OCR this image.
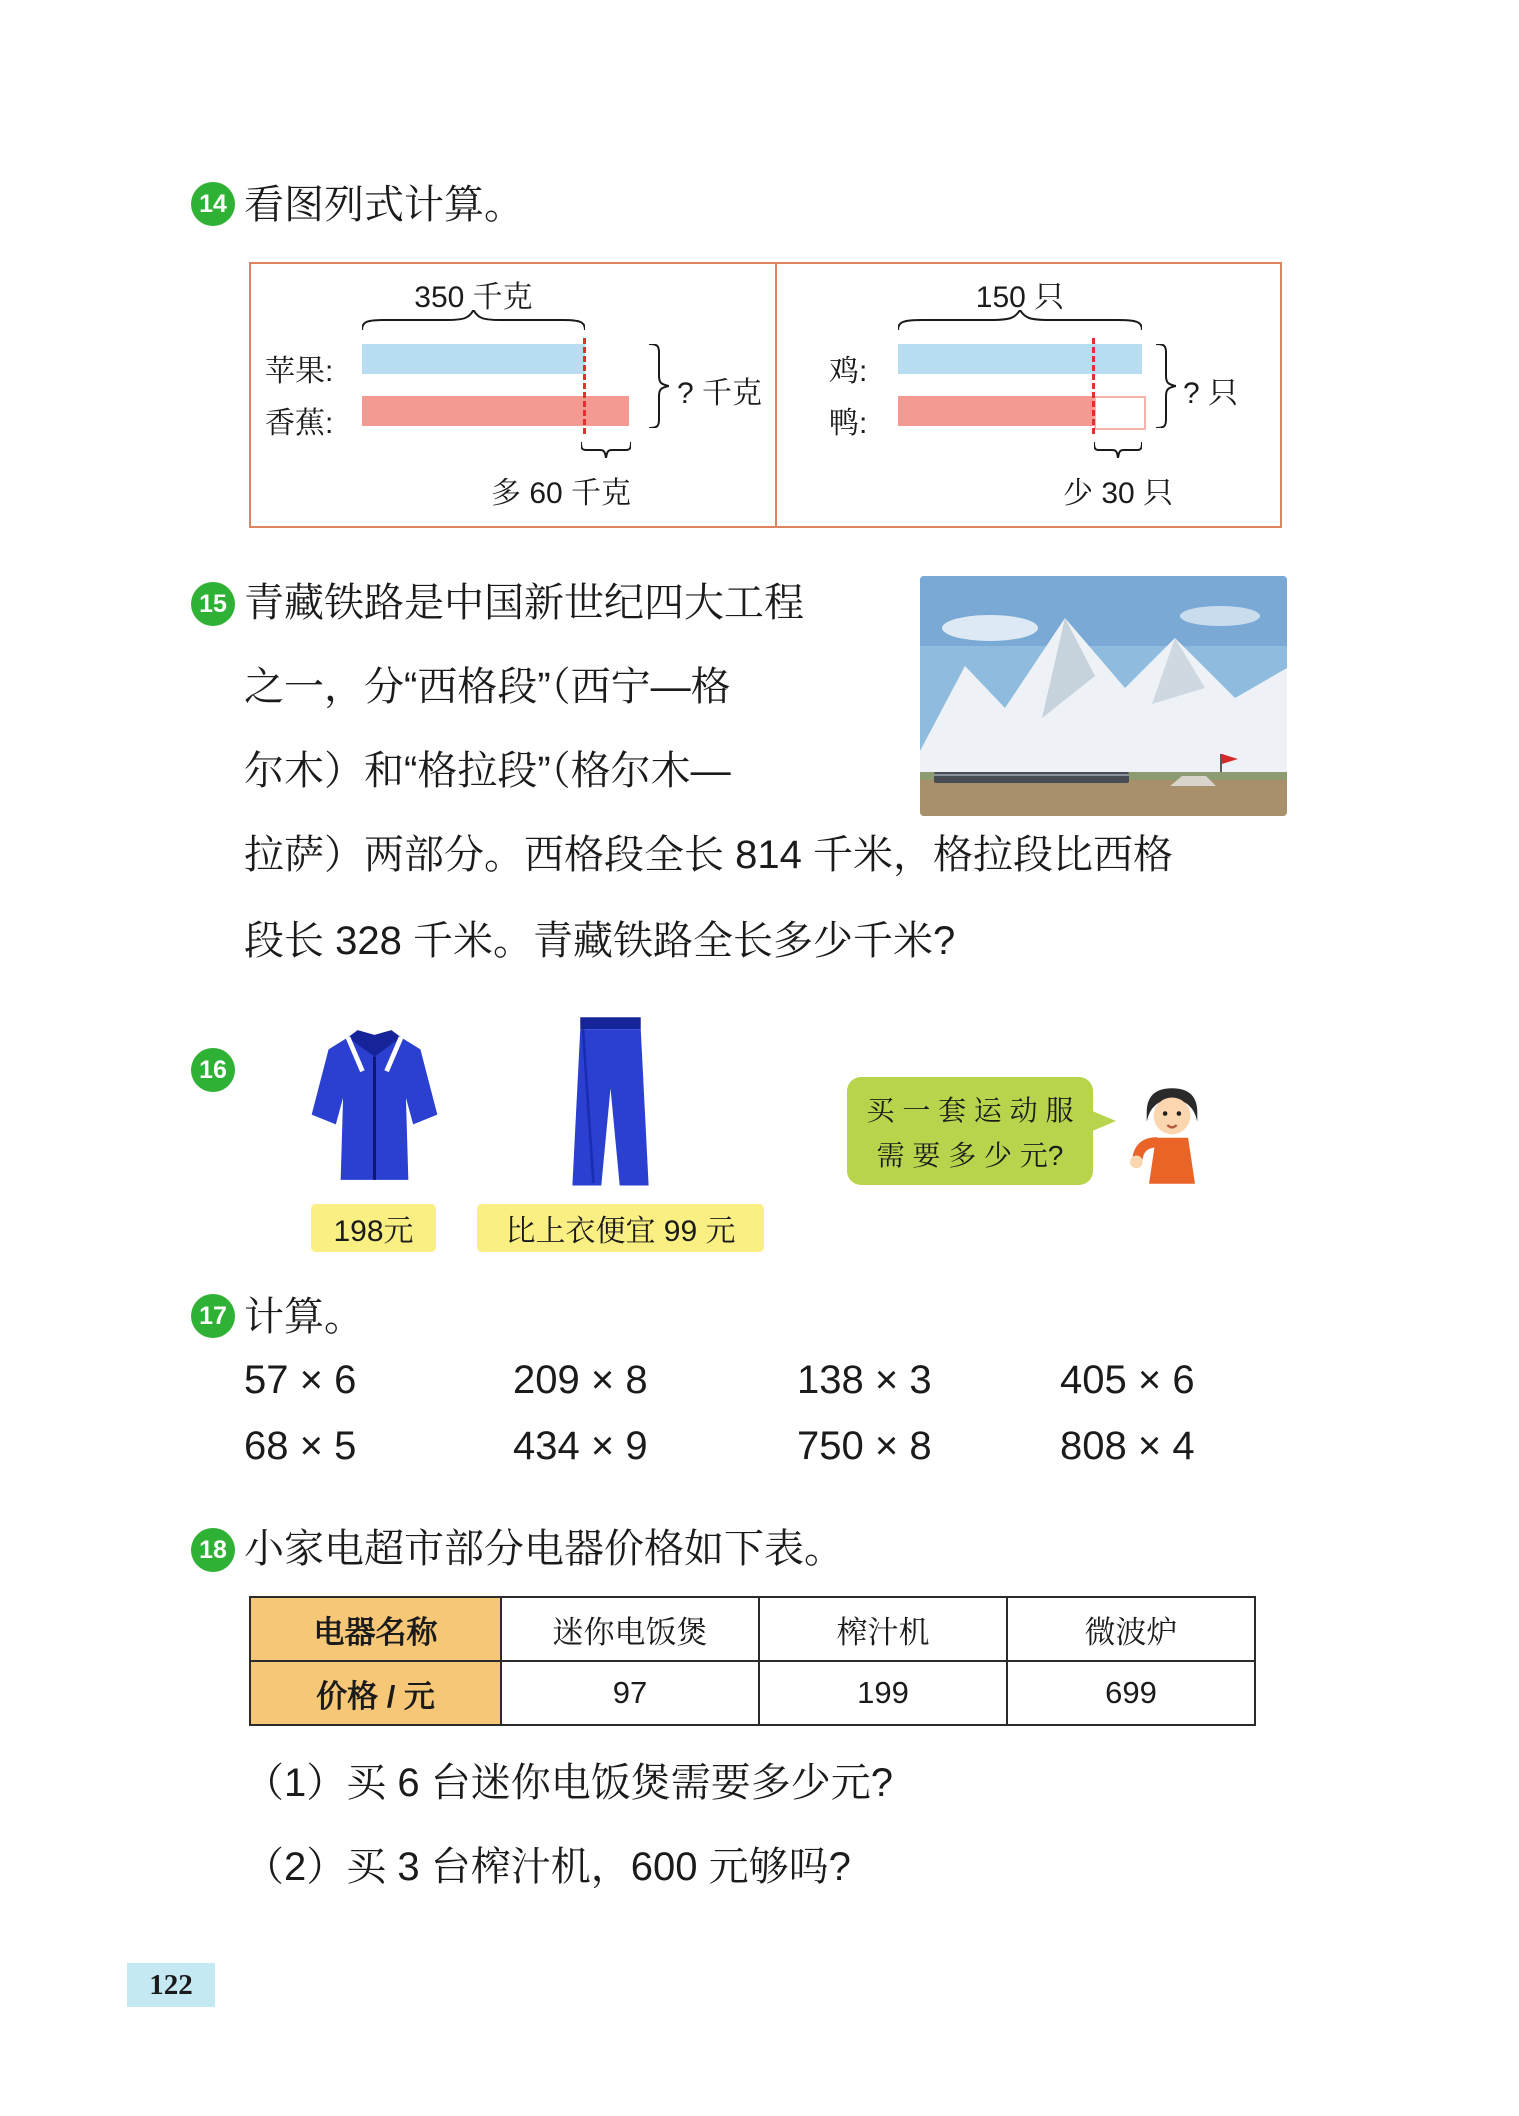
14 看图列式计算。
350 千克
苹果:
香蕉:
? 千克
多 60 千克
150 只
鸡:
鸭:
? 只
少 30 只
15 青藏铁路是中国新世纪四大工程
之一，分“西格段”（西宁—格
尔木）和“格拉段”（格尔木—
拉萨）两部分。西格段全长 814 千米，格拉段比西格
段长 328 千米。青藏铁路全长多少千米?
16
198元	比上衣便宜 99 元
买 一 套 运 动 服
需 要 多 少 元?
17 计算。
57 × 6	209 × 8	138 × 3	405 × 6
68 × 5	434 × 9	750 × 8	808 × 4
18 小家电超市部分电器价格如下表。
电器名称	迷你电饭煲	榨汁机	微波炉
价格 / 元	97	199	699
（1）买 6 台迷你电饭煲需要多少元?
（2）买 3 台榨汁机，600 元够吗?
122
